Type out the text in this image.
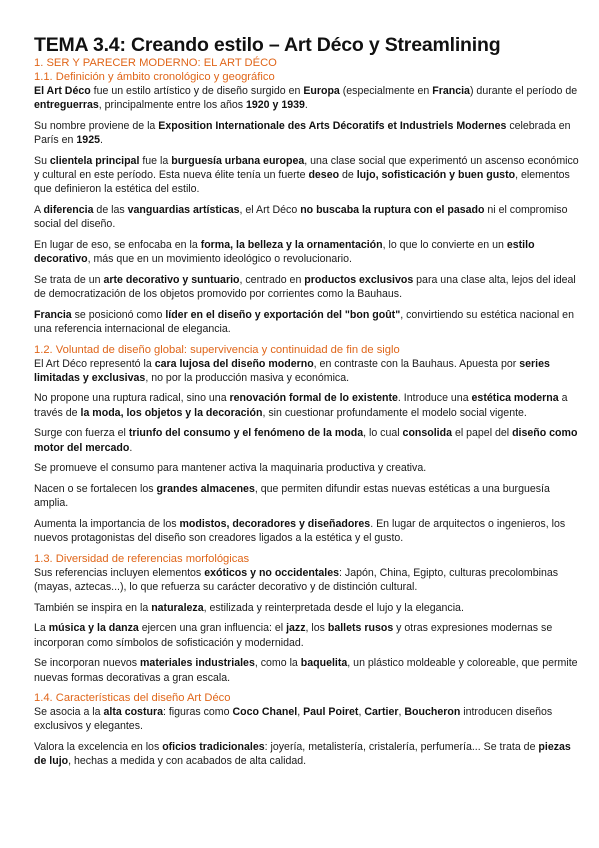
TEMA 3.4: Creando estilo – Art Déco y Streamlining
1. SER Y PARECER MODERNO: EL ART DÉCO
1.1. Definición y ámbito cronológico y geográfico

El Art Déco fue un estilo artístico y de diseño surgido en Europa (especialmente en Francia) durante el período de entreguerras, principalmente entre los años 1920 y 1939.

Su nombre proviene de la Exposition Internationale des Arts Décoratifs et Industriels Modernes celebrada en París en 1925.

Su clientela principal fue la burguesía urbana europea, una clase social que experimentó un ascenso económico y cultural en este período. Esta nueva élite tenía un fuerte deseo de lujo, sofisticación y buen gusto, elementos que definieron la estética del estilo.

A diferencia de las vanguardias artísticas, el Art Déco no buscaba la ruptura con el pasado ni el compromiso social del diseño.

En lugar de eso, se enfocaba en la forma, la belleza y la ornamentación, lo que lo convierte en un estilo decorativo, más que en un movimiento ideológico o revolucionario.

Se trata de un arte decorativo y suntuario, centrado en productos exclusivos para una clase alta, lejos del ideal de democratización de los objetos promovido por corrientes como la Bauhaus.

Francia se posicionó como líder en el diseño y exportación del "bon goût", convirtiendo su estética nacional en una referencia internacional de elegancia.

1.2. Voluntad de diseño global: supervivencia y continuidad de fin de siglo

El Art Déco representó la cara lujosa del diseño moderno, en contraste con la Bauhaus. Apuesta por series limitadas y exclusivas, no por la producción masiva y económica.

No propone una ruptura radical, sino una renovación formal de lo existente. Introduce una estética moderna a través de la moda, los objetos y la decoración, sin cuestionar profundamente el modelo social vigente.

Surge con fuerza el triunfo del consumo y el fenómeno de la moda, lo cual consolida el papel del diseño como motor del mercado.

Se promueve el consumo para mantener activa la maquinaria productiva y creativa.

Nacen o se fortalecen los grandes almacenes, que permiten difundir estas nuevas estéticas a una burguesía amplia.

Aumenta la importancia de los modistos, decoradores y diseñadores. En lugar de arquitectos o ingenieros, los nuevos protagonistas del diseño son creadores ligados a la estética y el gusto.

1.3. Diversidad de referencias morfológicas

Sus referencias incluyen elementos exóticos y no occidentales: Japón, China, Egipto, culturas precolombinas (mayas, aztecas...), lo que refuerza su carácter decorativo y de distinción cultural.

También se inspira en la naturaleza, estilizada y reinterpretada desde el lujo y la elegancia.

La música y la danza ejercen una gran influencia: el jazz, los ballets rusos y otras expresiones modernas se incorporan como símbolos de sofisticación y modernidad.

Se incorporan nuevos materiales industriales, como la baquelita, un plástico moldeable y coloreable, que permite nuevas formas decorativas a gran escala.

1.4. Características del diseño Art Déco

Se asocia a la alta costura: figuras como Coco Chanel, Paul Poiret, Cartier, Boucheron introducen diseños exclusivos y elegantes.

Valora la excelencia en los oficios tradicionales: joyería, metalistería, cristalería, perfumería... Se trata de piezas de lujo, hechas a medida y con acabados de alta calidad.
